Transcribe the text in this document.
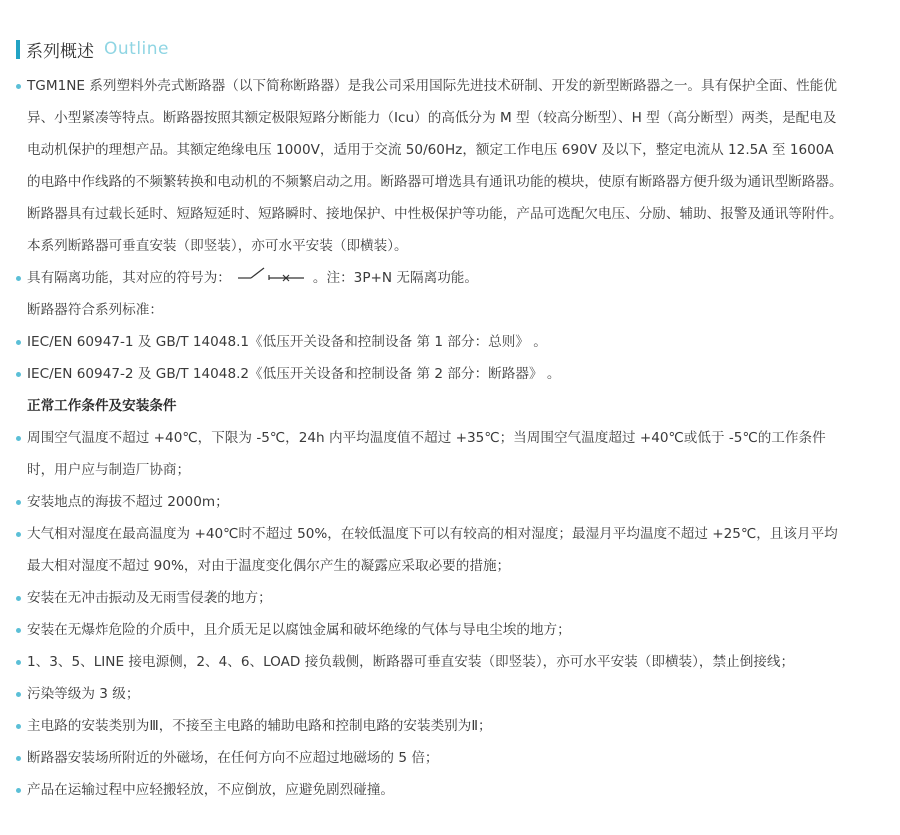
系列概述 Outline
TGM1NE 系列塑料外壳式断路器（以下简称断路器）是我公司采用国际先进技术研制、开发的新型断路器之一。具有保护全面、性能优异、小型紧凑等特点。断路器按照其额定极限短路分断能力（Icu）的高低分为 M 型（较高分断型）、H 型（高分断型）两类，是配电及电动机保护的理想产品。其额定绝缘电压 1000V，适用于交流 50/60Hz，额定工作电压 690V 及以下，整定电流从 12.5A 至 1600A 的电路中作线路的不频繁转换和电动机的不频繁启动之用。断路器可增选具有通讯功能的模块，使原有断路器方便升级为通讯型断路器。断路器具有过载长延时、短路短延时、短路瞬时、接地保护、中性极保护等功能，产品可选配欠电压、分励、辅助、报警及通讯等附件。本系列断路器可垂直安装（即竖装），亦可水平安装（即横装）。
具有隔离功能，其对应的符号为：	。注：3P+N 无隔离功能。
断路器符合系列标准：
IEC/EN 60947-1 及 GB/T 14048.1《低压开关设备和控制设备 第 1 部分：总则》 。
IEC/EN 60947-2 及 GB/T 14048.2《低压开关设备和控制设备 第 2 部分：断路器》 。
正常工作条件及安装条件
周围空气温度不超过 +40℃，下限为 -5℃，24h 内平均温度值不超过 +35℃；当周围空气温度超过 +40℃或低于 -5℃的工作条件时，用户应与制造厂协商；
安装地点的海拔不超过 2000m；
大气相对湿度在最高温度为 +40℃时不超过 50%，在较低温度下可以有较高的相对湿度；最湿月平均温度不超过 +25℃，且该月平均最大相对湿度不超过 90%，对由于温度变化偶尔产生的凝露应采取必要的措施；
安装在无冲击振动及无雨雪侵袭的地方；
安装在无爆炸危险的介质中，且介质无足以腐蚀金属和破坏绝缘的气体与导电尘埃的地方；
1、3、5、LINE 接电源侧，2、4、6、LOAD 接负载侧，断路器可垂直安装（即竖装），亦可水平安装（即横装），禁止倒接线；
污染等级为 3 级；
主电路的安装类别为Ⅲ，不接至主电路的辅助电路和控制电路的安装类别为Ⅱ；
断路器安装场所附近的外磁场，在任何方向不应超过地磁场的 5 倍；
产品在运输过程中应轻搬轻放，不应倒放，应避免剧烈碰撞。
